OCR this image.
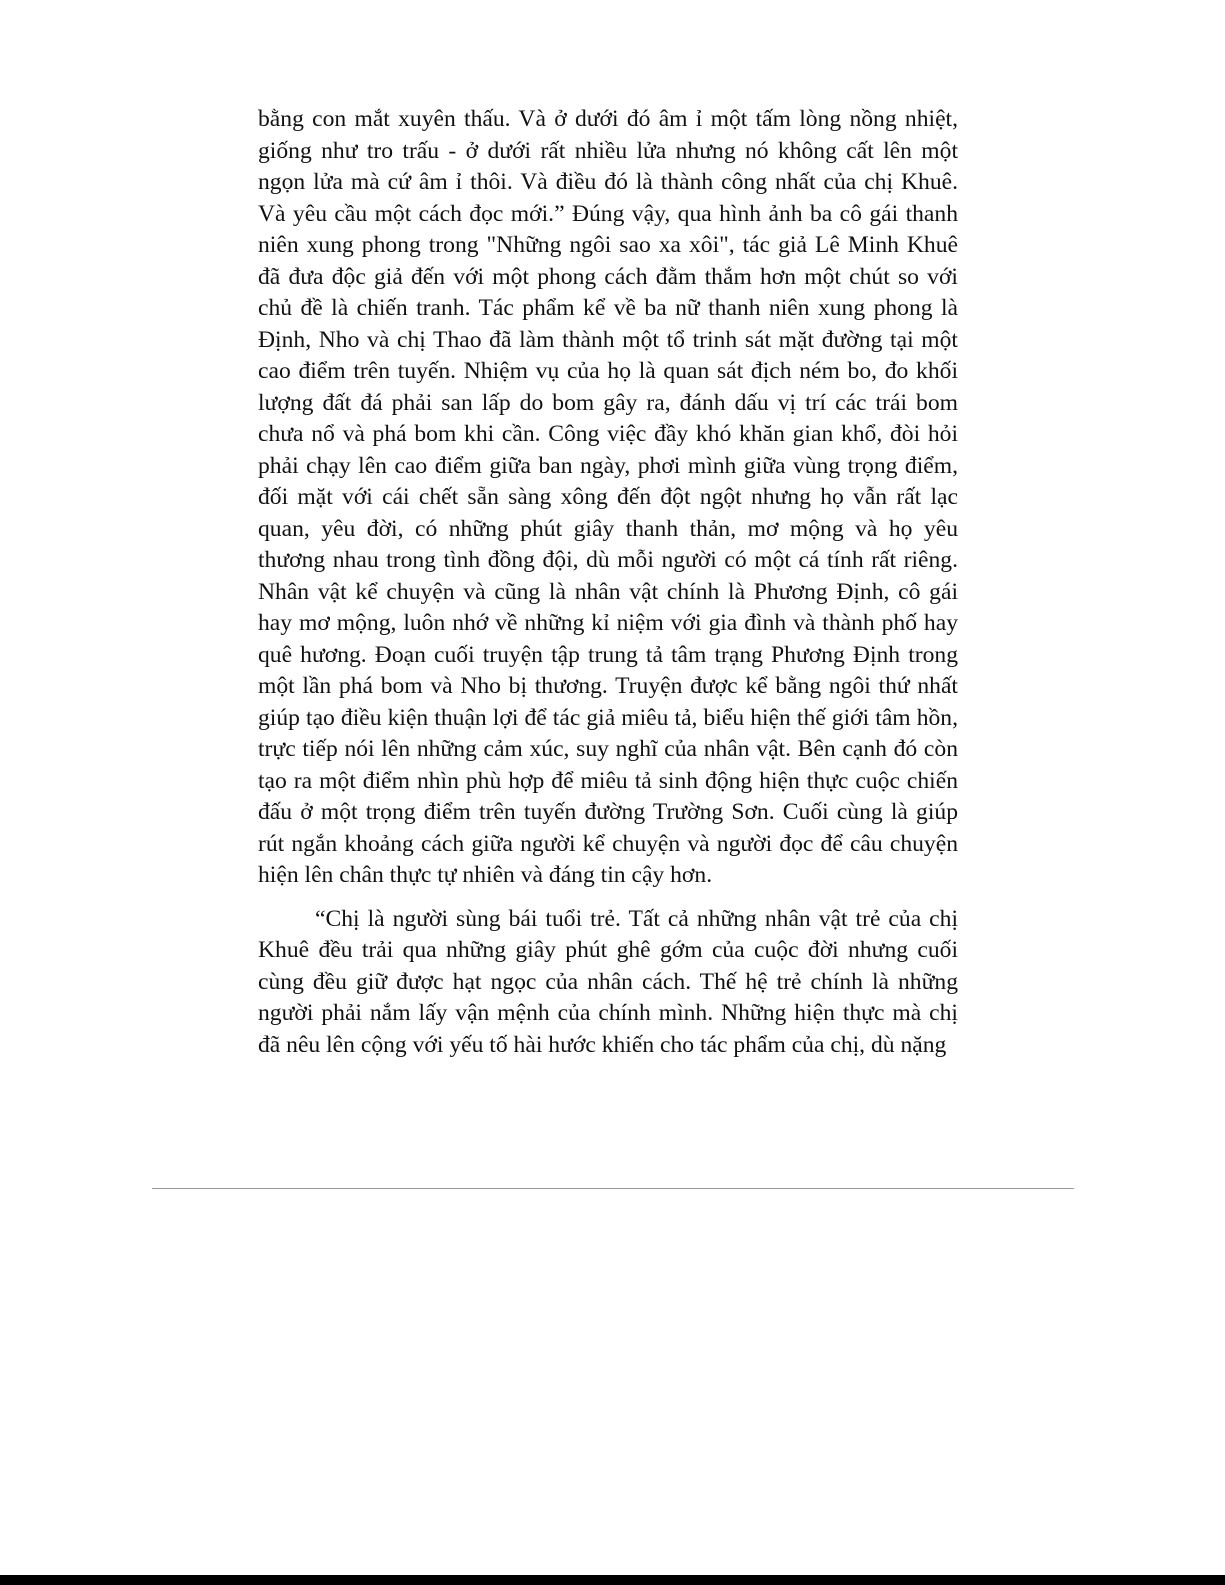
bằng con mắt xuyên thấu. Và ở dưới đó âm ỉ một tấm lòng nồng nhiệt, giống như tro trấu - ở dưới rất nhiều lửa nhưng nó không cất lên một ngọn lửa mà cứ âm ỉ thôi. Và điều đó là thành công nhất của chị Khuê. Và yêu cầu một cách đọc mới.” Đúng vậy, qua hình ảnh ba cô gái thanh niên xung phong trong "Những ngôi sao xa xôi", tác giả Lê Minh Khuê đã đưa độc giả đến với một phong cách đằm thắm hơn một chút so với chủ đề là chiến tranh. Tác phẩm kể về ba nữ thanh niên xung phong là Định, Nho và chị Thao đã làm thành một tổ trinh sát mặt đường tại một cao điểm trên tuyến. Nhiệm vụ của họ là quan sát địch ném bo, đo khối lượng đất đá phải san lấp do bom gây ra, đánh dấu vị trí các trái bom chưa nổ và phá bom khi cần. Công việc đầy khó khăn gian khổ, đòi hỏi phải chạy lên cao điểm giữa ban ngày, phơi mình giữa vùng trọng điểm, đối mặt với cái chết sẵn sàng xông đến đột ngột nhưng họ vẫn rất lạc quan, yêu đời, có những phút giây thanh thản, mơ mộng và họ yêu thương nhau trong tình đồng đội, dù mỗi người có một cá tính rất riêng. Nhân vật kể chuyện và cũng là nhân vật chính là Phương Định, cô gái hay mơ mộng, luôn nhớ về những kỉ niệm với gia đình và thành phố hay quê hương. Đoạn cuối truyện tập trung tả tâm trạng Phương Định trong một lần phá bom và Nho bị thương. Truyện được kể bằng ngôi thứ nhất giúp tạo điều kiện thuận lợi để tác giả miêu tả, biểu hiện thế giới tâm hồn, trực tiếp nói lên những cảm xúc, suy nghĩ của nhân vật. Bên cạnh đó còn tạo ra một điểm nhìn phù hợp để miêu tả sinh động hiện thực cuộc chiến đấu ở một trọng điểm trên tuyến đường Trường Sơn. Cuối cùng là giúp rút ngắn khoảng cách giữa người kể chuyện và người đọc để câu chuyện hiện lên chân thực tự nhiên và đáng tin cậy hơn.

“Chị là người sùng bái tuổi trẻ. Tất cả những nhân vật trẻ của chị Khuê đều trải qua những giây phút ghê gớm của cuộc đời nhưng cuối cùng đều giữ được hạt ngọc của nhân cách. Thế hệ trẻ chính là những người phải nắm lấy vận mệnh của chính mình. Những hiện thực mà chị đã nêu lên cộng với yếu tố hài hước khiến cho tác phẩm của chị, dù nặng
